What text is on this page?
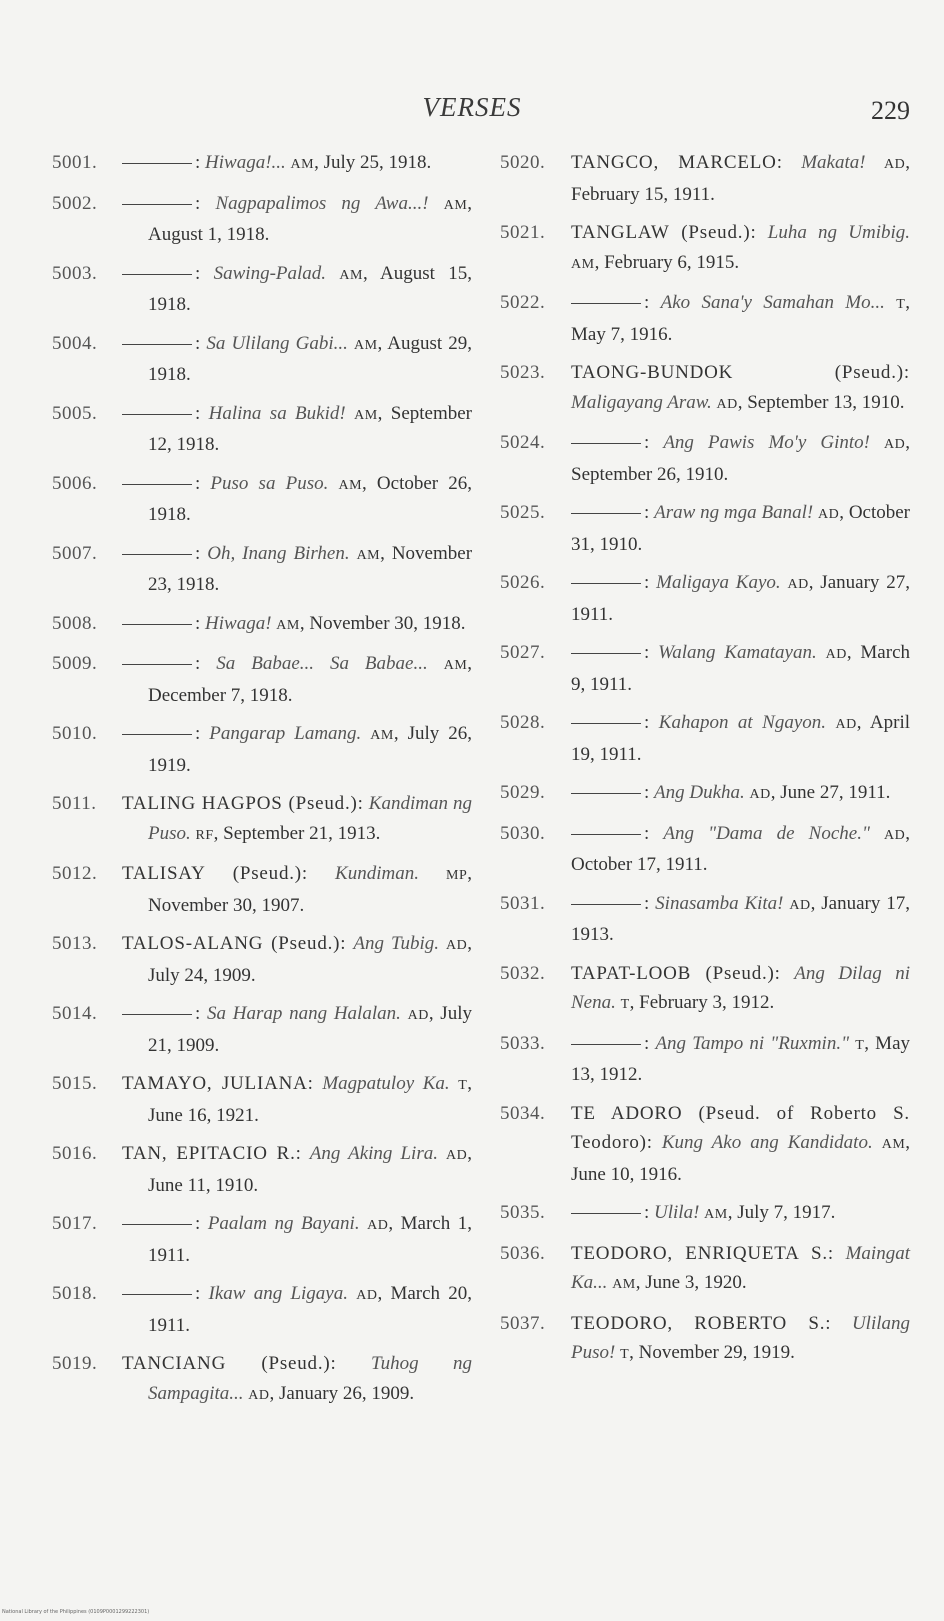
VERSES	229
5001.	: Hiwaga!... AM, July 25, 1918.
5002.	: Nagpapalimos ng Awa...! AM, August 1, 1918.
5003.	: Sawing-Palad. AM, August 15, 1918.
5004.	: Sa Ulilang Gabi... AM, August 29, 1918.
5005.	: Halina sa Bukid! AM, September 12, 1918.
5006.	: Puso sa Puso. AM, October 26, 1918.
5007.	: Oh, Inang Birhen. AM, November 23, 1918.
5008.	: Hiwaga! AM, November 30, 1918.
5009.	: Sa Babae... Sa Babae... AM, December 7, 1918.
5010.	: Pangarap Lamang. AM, July 26, 1919.
5011. TALING HAGPOS (Pseud.): Kandiman ng Puso. RF, September 21, 1913.
5012. TALISAY (Pseud.): Kundiman. MP, November 30, 1907.
5013. TALOS-ALANG (Pseud.): Ang Tubig. AD, July 24, 1909.
5014.	: Sa Harap nang Halalan. AD, July 21, 1909.
5015. TAMAYO, JULIANA: Magpatuloy Ka. T, June 16, 1921.
5016. TAN, EPITACIO R.: Ang Aking Lira. AD, June 11, 1910.
5017.	: Paalam ng Bayani. AD, March 1, 1911.
5018.	: Ikaw ang Ligaya. AD, March 20, 1911.
5019. TANCIANG (Pseud.): Tuhog ng Sampagita... AD, January 26, 1909.
5020. TANGCO, MARCELO: Makata! AD, February 15, 1911.
5021. TANGLAW (Pseud.): Luha ng Umibig. AM, February 6, 1915.
5022.	: Ako Sana'y Samahan Mo... T, May 7, 1916.
5023. TAONG-BUNDOK (Pseud.): Maligayang Araw. AD, September 13, 1910.
5024.	: Ang Pawis Mo'y Ginto! AD, September 26, 1910.
5025.	: Araw ng mga Banal! AD, October 31, 1910.
5026.	: Maligaya Kayo. AD, January 27, 1911.
5027.	: Walang Kamatayan. AD, March 9, 1911.
5028.	: Kahapon at Ngayon. AD, April 19, 1911.
5029.	: Ang Dukha. AD, June 27, 1911.
5030.	: Ang "Dama de Noche." AD, October 17, 1911.
5031.	: Sinasamba Kita! AD, January 17, 1913.
5032. TAPAT-LOOB (Pseud.): Ang Dilag ni Nena. T, February 3, 1912.
5033.	: Ang Tampo ni "Ruxmin." T, May 13, 1912.
5034. TE ADORO (Pseud. of Roberto S. Teodoro): Kung Ako ang Kandidato. AM, June 10, 1916.
5035.	: Ulila! AM, July 7, 1917.
5036. TEODORO, ENRIQUETA S.: Maingat Ka... AM, June 3, 1920.
5037. TEODORO, ROBERTO S.: Ulilang Puso! T, November 29, 1919.
National Library of the Philippines (0109P0001299222301)
